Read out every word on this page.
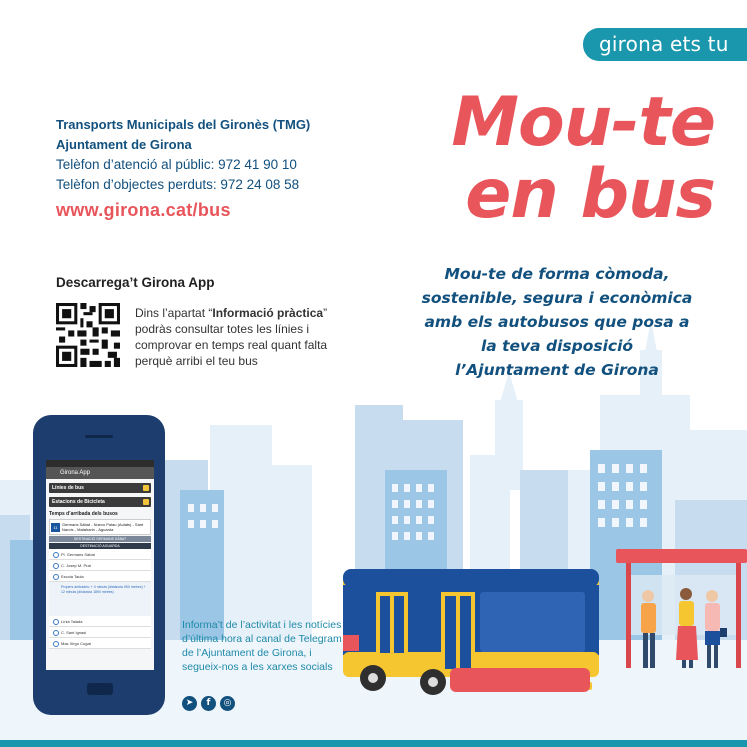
girona ets tu
Transports Municipals del Gironès (TMG)
Ajuntament de Girona
Telèfon d’atenció al públic: 972 41 90 10
Telèfon d’objectes perduts: 972 24 08 58
www.girona.cat/bus
Descarrega’t Girona App
Dins l’apartat “Informació pràctica” podràs consultar totes les línies i comprovar en temps real quant falta perquè arribi el teu bus
Mou-te
en bus
Mou-te de forma còmoda,
sostenible, segura i econòmica
amb els autobusos que posa a
la teva disposició
l’Ajuntament de Girona
Girona App
Línies de bus
Estacions de Bicicleta
Temps d’arribada dels busos
11 Germans Sàbat - Nuevo Palau (Aulats) - Sant Narcís - Mataharin - Aguarda
DESTINACIÓ GERMANS SÀBAT
DESTINACIÓ AGUARDA
Pl. Germans Sàbat
C. Josep M. Prat
Escola Taula
Propers arribades: + 4 minuts (distància 950 metres) + 12 minuts (distància 1890 metres)
Línia Taiada
C. Sant Ignasi
Mas Xirgu Cugat
Informa’t de l’activitat i les notícies d’última hora al canal de Telegram de l’Ajuntament de Girona, i segueix-nos a les xarxes socials
➤	f	◎
